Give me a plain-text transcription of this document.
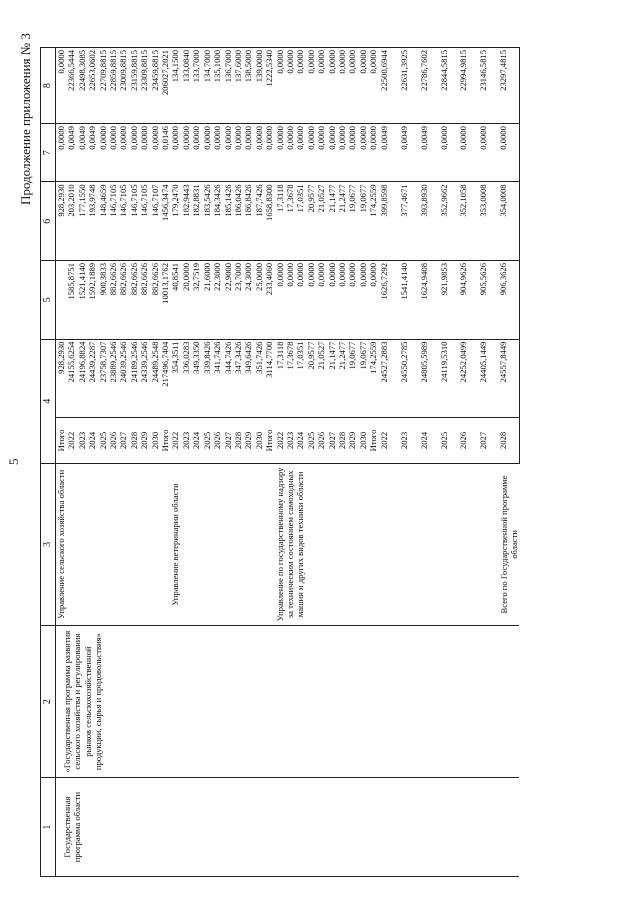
5
Продолжение приложения № 3
1	2	3	4		5	6	7	8
Государственная программа области	«Государственная программа развития сельского хозяйства и регулирования рынков сельскохозяйственной продукции, сырья и продовольствия»	Управление сельского хозяйства области	Итого	928,2930		928,2930	0,0000	0,0000
			2022	24155,6254	1585,8751	203,2010	0,0049	22366,5444
			2023	24196,8824	1521,4140	177,1550	0,0049	22498,3085
			2024	24439,2287	1592,1889	193,9748	0,0049	22653,0602
			2025	23758,7307	900,3833	148,4659	0,0000	22709,8815
			2026	23889,2546	882,6626	146,7105	0,0000	22859,8815
			2027	24039,2546	882,6626	146,7105	0,0000	23009,8815
			2028	24189,2546	882,6626	146,7105	0,0000	23159,8815
			2029	24339,2546	882,6626	146,7105	0,0000	23309,8815
			2030	24489,2548	882,6626	146,7107	0,0000	23459,8815
			Итого	217496,7404	10013,1762	1456,3474	0,0146	206027,2021
		Управление ветеринарии области	2022	354,3511	40,8541	179,2470	0,0000	134,1500
			2023	336,0283	20,0000	182,9443	0,0000	133,0840
			2024	349,3350	32,7519	182,8831	0,0000	133,7000
			2025	339,8426	21,6000	183,5426	0,0000	134,7000
			2026	341,7426	22,3000	184,3426	0,0000	135,1000
			2027	344,7426	22,9000	185,1426	0,0000	136,7000
			2028	347,3426	23,7000	186,0426	0,0000	137,6000
			2029	349,6426	24,3000	186,8426	0,0000	138,5000
			2030	351,7426	25,0000	187,7426	0,0000	139,0000
			Итого	3114,7700	233,4060	1658,8300	0,0000	1222,5340
		Управление по государственному надзору за техническим состоянием самоходных машин и других видов техники области	2022	17,3118	0,0000	17,3118	0,0000	0,0000
			2023	17,3678	0,0000	17,3678	0,0000	0,0000
			2024	17,0351	0,0000	17,0351	0,0000	0,0000
			2025	20,9577	0,0000	20,9577	0,0000	0,0000
			2026	21,0527	0,0000	21,0527	0,0000	0,0000
			2027	21,1477	0,0000	21,1477	0,0000	0,0000
			2028	21,2477	0,0000	21,2477	0,0000	0,0000
			2029	19,0677	0,0000	19,0677	0,0000	0,0000
			2030	19,0677	0,0000	19,0677	0,0000	0,0000
			Итого	174,2559	0,0000	174,2559	0,0000	0,0000
		Всего по Государственной программе области	2022	24527,2883	1626,7292	399,8598	0,0049	22500,6944
			2023	24550,2785	1541,4140	377,4671	0,0049	22631,3925
			2024	24805,5989	1624,9408	393,8930	0,0049	22786,7602
			2025	24119,5310	921,9853	352,9662	0,0000	22844,5815
			2026	24252,0499	904,9626	352,1058	0,0000	22994,9815
			2027	24405,1449	905,5626	353,0008	0,0000	23146,5815
			2028	24557,8449	906,3626	354,0008	0,0000	23297,4815
